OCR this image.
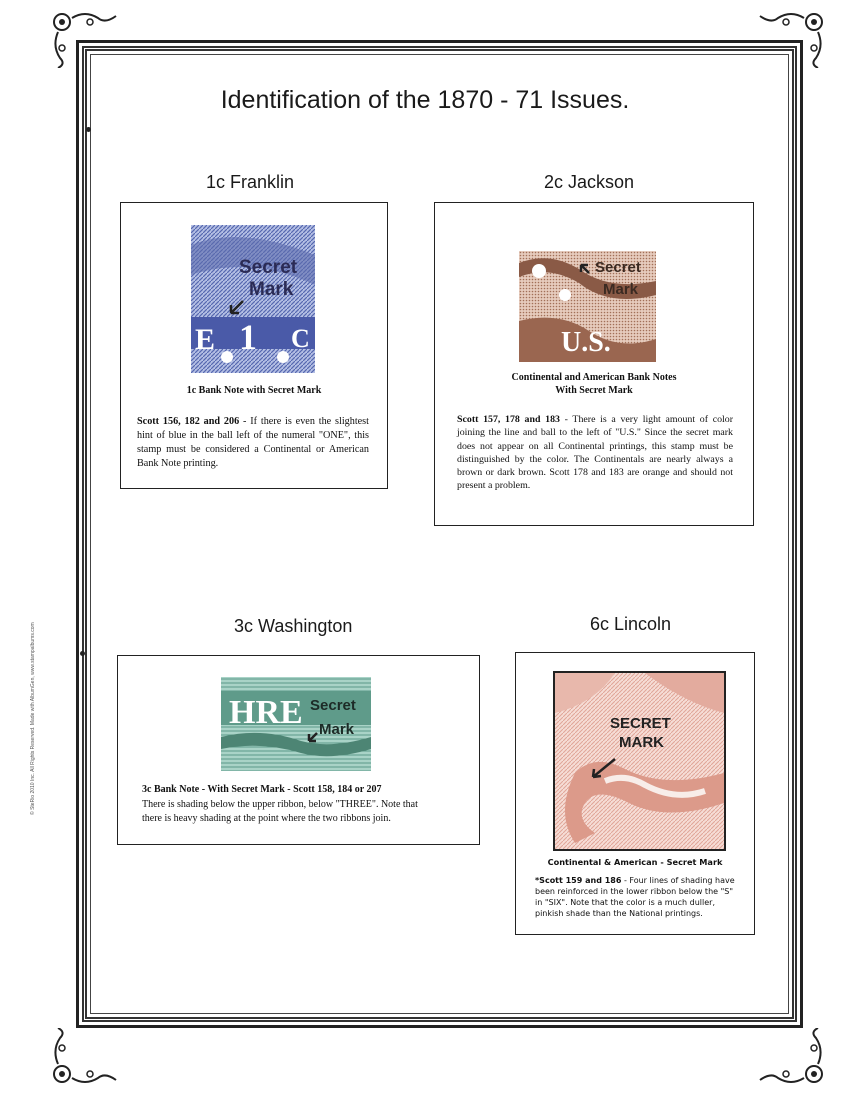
© SteRio 2010 Inc. All Rights Reserved. Made with AlbumGen, www.stampalbums.com
Identification of the 1870 - 71 Issues.
1c Franklin
E 1 C
Secret
Mark
1c Bank Note with Secret Mark
Scott 156, 182 and 206 - If there is even the slightest hint of blue in the ball left of the numeral "ONE", this stamp must be considered a Continental or American Bank Note printing.
2c Jackson
U.S.
Secret
Mark
Continental and American Bank Notes
With Secret Mark
Scott 157, 178 and 183 - There is a very light amount of color joining the line and ball to the left of "U.S." Since the secret mark does not appear on all Continental printings, this stamp must be distinguished by the color. The Continentals are nearly always a brown or dark brown. Scott 178 and 183 are orange and should not present a problem.
3c Washington
HRE Secret
Mark
3c Bank Note - With Secret Mark - Scott 158, 184 or 207
There is shading below the upper ribbon, below "THREE". Note that there is heavy shading at the point where the two ribbons join.
6c Lincoln
SECRET
MARK
Continental & American - Secret Mark
*Scott 159 and 186 - Four lines of shading have been reinforced in the lower ribbon below the "S" in "SIX". Note that the color is a much duller, pinkish shade than the National printings.
